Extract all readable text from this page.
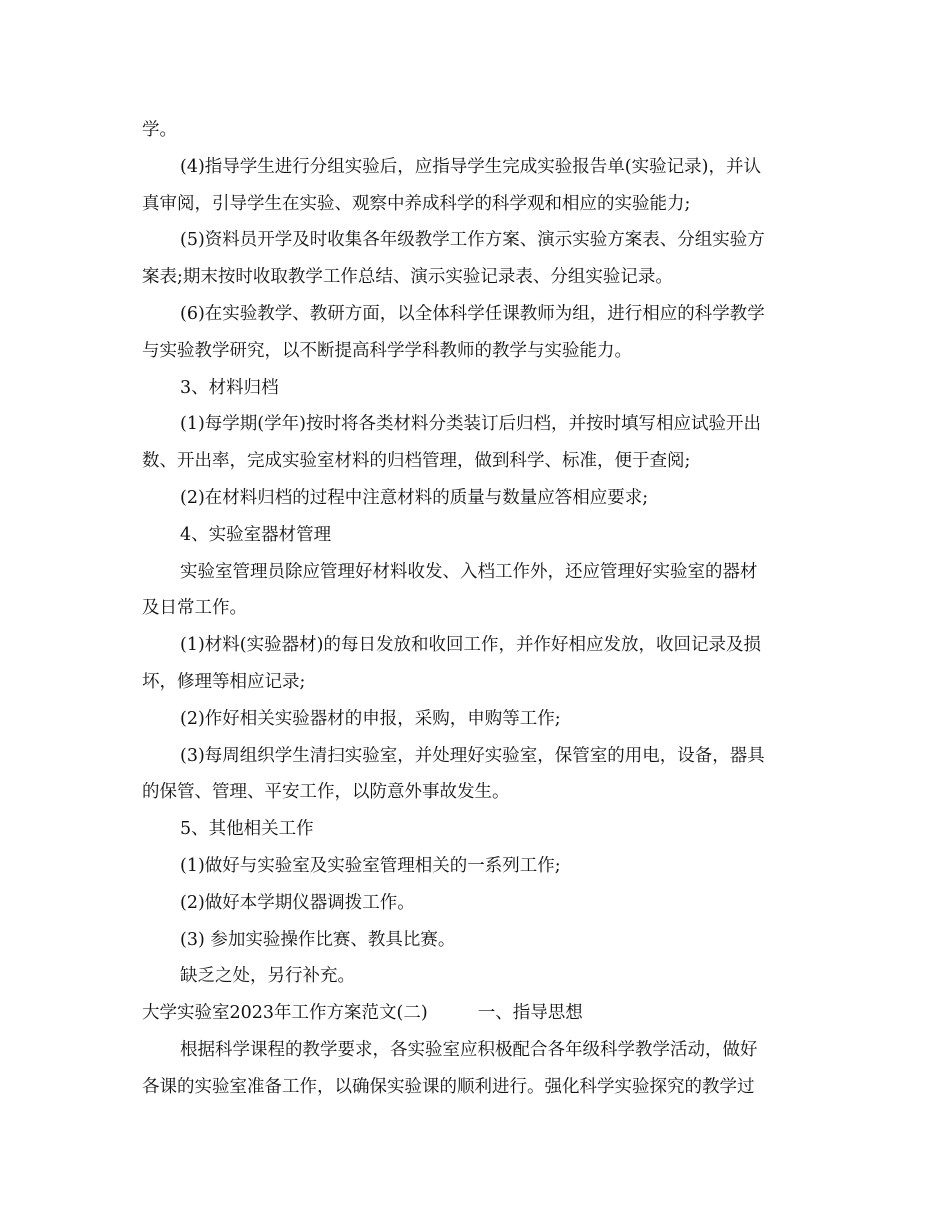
学。
(4)指导学生进行分组实验后，应指导学生完成实验报告单(实验记录)，并认
真审阅，引导学生在实验、观察中养成科学的科学观和相应的实验能力;
(5)资料员开学及时收集各年级教学工作方案、演示实验方案表、分组实验方
案表;期末按时收取教学工作总结、演示实验记录表、分组实验记录。
(6)在实验教学、教研方面，以全体科学任课教师为组，进行相应的科学教学
与实验教学研究，以不断提高科学学科教师的教学与实验能力。
3、材料归档
(1)每学期(学年)按时将各类材料分类装订后归档，并按时填写相应试验开出
数、开出率，完成实验室材料的归档管理，做到科学、标准，便于查阅;
(2)在材料归档的过程中注意材料的质量与数量应答相应要求;
4、实验室器材管理
实验室管理员除应管理好材料收发、入档工作外，还应管理好实验室的器材
及日常工作。
(1)材料(实验器材)的每日发放和收回工作，并作好相应发放，收回记录及损
坏，修理等相应记录;
(2)作好相关实验器材的申报，采购，申购等工作;
(3)每周组织学生清扫实验室，并处理好实验室，保管室的用电，设备，器具
的保管、管理、平安工作，以防意外事故发生。
5、其他相关工作
(1)做好与实验室及实验室管理相关的一系列工作;
(2)做好本学期仪器调拨工作。
(3) 参加实验操作比赛、教具比赛。
缺乏之处，另行补充。
大学实验室2023年工作方案范文(二)	一、指导思想
根据科学课程的教学要求，各实验室应积极配合各年级科学教学活动，做好
各课的实验室准备工作，以确保实验课的顺利进行。强化科学实验探究的教学过
